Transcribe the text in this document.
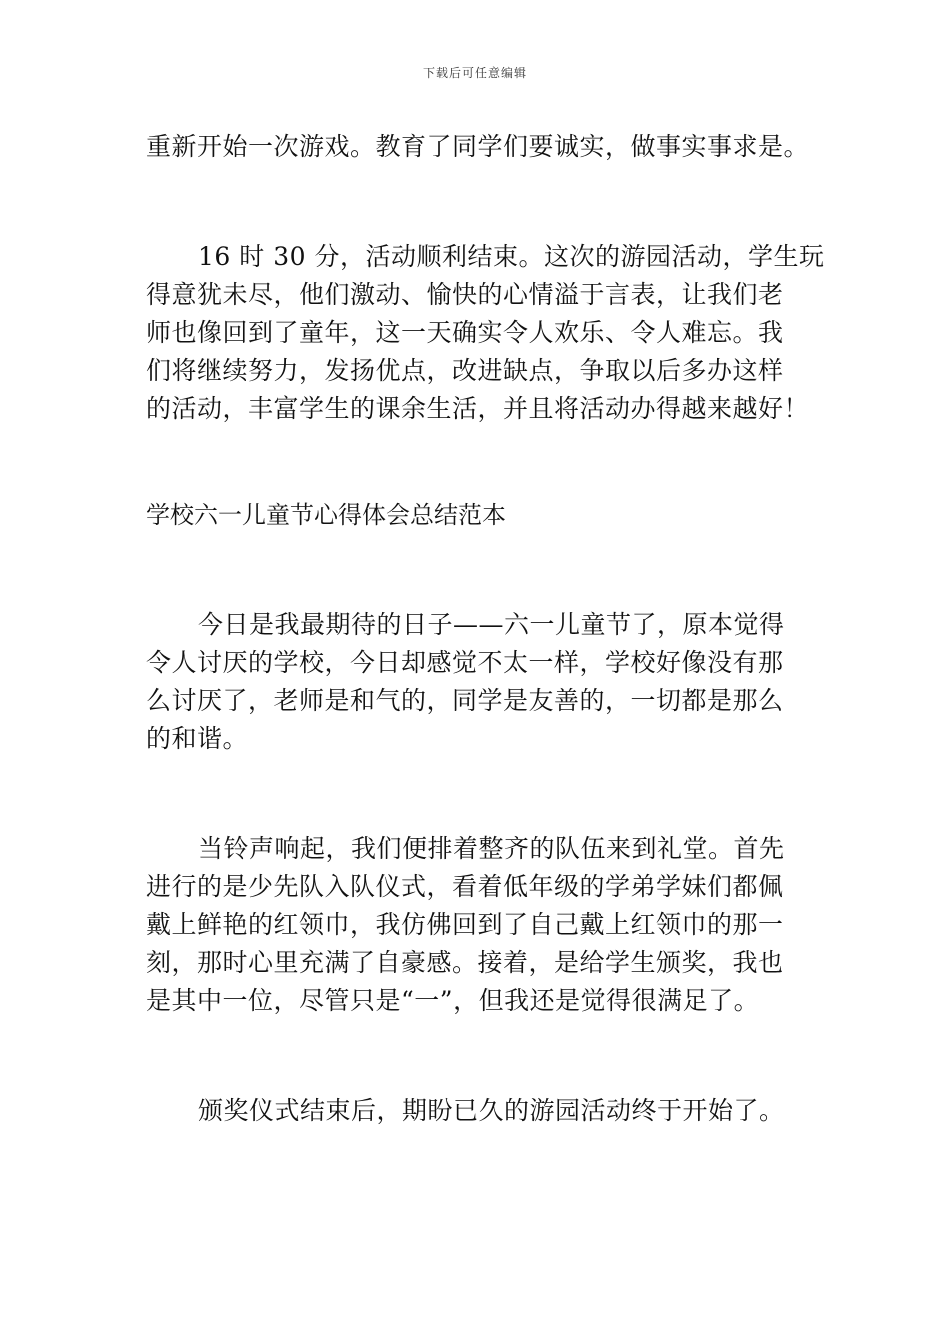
下载后可任意编辑
重新开始一次游戏。教育了同学们要诚实，做事实事求是。
16 时 30 分，活动顺利结束。这次的游园活动，学生玩
得意犹未尽，他们激动、愉快的心情溢于言表，让我们老
师也像回到了童年，这一天确实令人欢乐、令人难忘。我
们将继续努力，发扬优点，改进缺点，争取以后多办这样
的活动，丰富学生的课余生活，并且将活动办得越来越好！
学校六一儿童节心得体会总结范本
今日是我最期待的日子——六一儿童节了，原本觉得
令人讨厌的学校，今日却感觉不太一样，学校好像没有那
么讨厌了，老师是和气的，同学是友善的，一切都是那么
的和谐。
当铃声响起，我们便排着整齐的队伍来到礼堂。首先
进行的是少先队入队仪式，看着低年级的学弟学妹们都佩
戴上鲜艳的红领巾，我仿佛回到了自己戴上红领巾的那一
刻，那时心里充满了自豪感。接着，是给学生颁奖，我也
是其中一位，尽管只是“一”，但我还是觉得很满足了。
颁奖仪式结束后，期盼已久的游园活动终于开始了。
